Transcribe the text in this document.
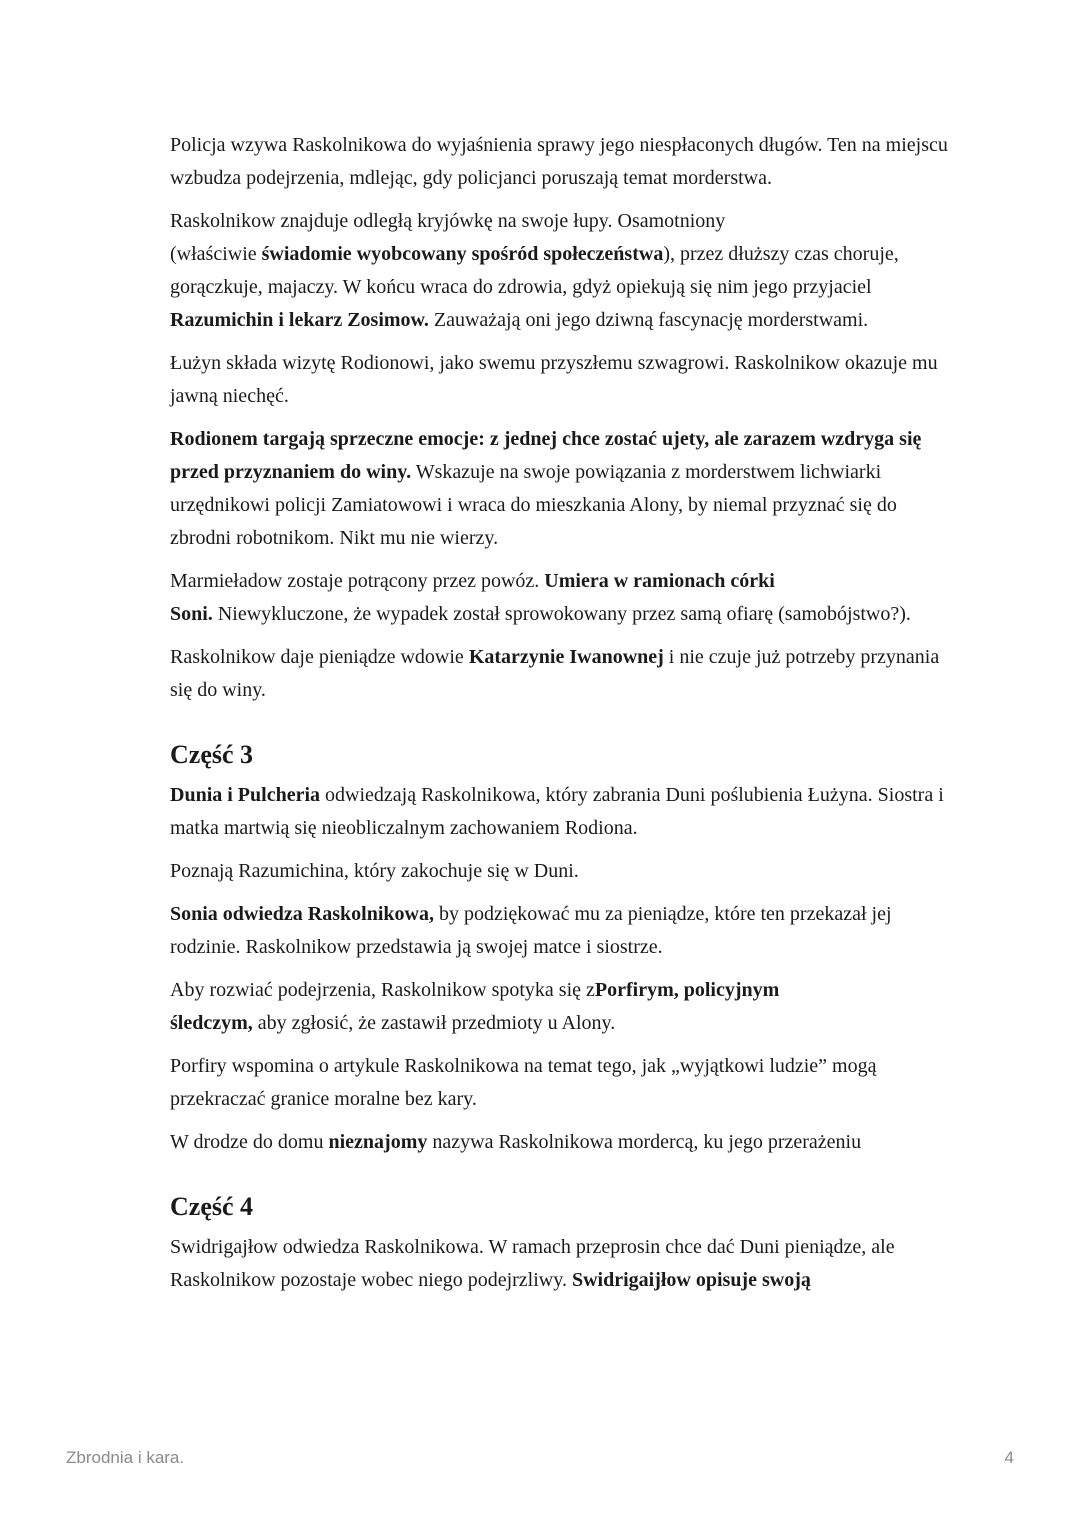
Policja wzywa Raskolnikowa do wyjaśnienia sprawy jego niespłaconych długów. Ten na miejscu wzbudza podejrzenia, mdlejąc, gdy policjanci poruszają temat morderstwa.

Raskolnikow znajduje odległą kryjówkę na swoje łupy. Osamotniony
(właściwie świadomie wyobcowany spośród społeczeństwa), przez dłuższy czas choruje, gorączkuje, majaczy. W końcu wraca do zdrowia, gdyż opiekują się nim jego przyjaciel Razumichin i lekarz Zosimow. Zauważają oni jego dziwną fascynację morderstwami.

Łużyn składa wizytę Rodionowi, jako swemu przyszłemu szwagrowi. Raskolnikow okazuje mu jawną niechęć.

Rodionem targają sprzeczne emocje: z jednej chce zostać ujety, ale zarazem wzdryga się przed przyznaniem do winy. Wskazuje na swoje powiązania z morderstwem lichwiarki urzędnikowi policji Zamiatowowi i wraca do mieszkania Alony, by niemal przyznać się do zbrodni robotnikom. Nikt mu nie wierzy.

Marmieładow zostaje potrącony przez powóz. Umiera w ramionach córki
Soni. Niewykluczone, że wypadek został sprowokowany przez samą ofiarę (samobójstwo?).

Raskolnikow daje pieniądze wdowie Katarzynie Iwanownej i nie czuje już potrzeby przynania się do winy.

Część 3

Dunia i Pulcheria odwiedzają Raskolnikowa, który zabrania Duni poślubienia Łużyna. Siostra i matka martwią się nieobliczalnym zachowaniem Rodiona.

Poznają Razumichina, który zakochuje się w Duni.

Sonia odwiedza Raskolnikowa, by podziękować mu za pieniądze, które ten przekazał jej rodzinie. Raskolnikow przedstawia ją swojej matce i siostrze.

Aby rozwiać podejrzenia, Raskolnikow spotyka się zPorfirym, policyjnym
śledczym, aby zgłosić, że zastawił przedmioty u Alony.

Porfiry wspomina o artykule Raskolnikowa na temat tego, jak „wyjątkowi ludzie” mogą przekraczać granice moralne bez kary.

W drodze do domu nieznajomy nazywa Raskolnikowa mordercą, ku jego przerażeniu

Część 4

Swidrigajłow odwiedza Raskolnikowa. W ramach przeprosin chce dać Duni pieniądze, ale Raskolnikow pozostaje wobec niego podejrzliwy. Swidrigaijłow opisuje swoją

Zbrodnia i kara.	4
